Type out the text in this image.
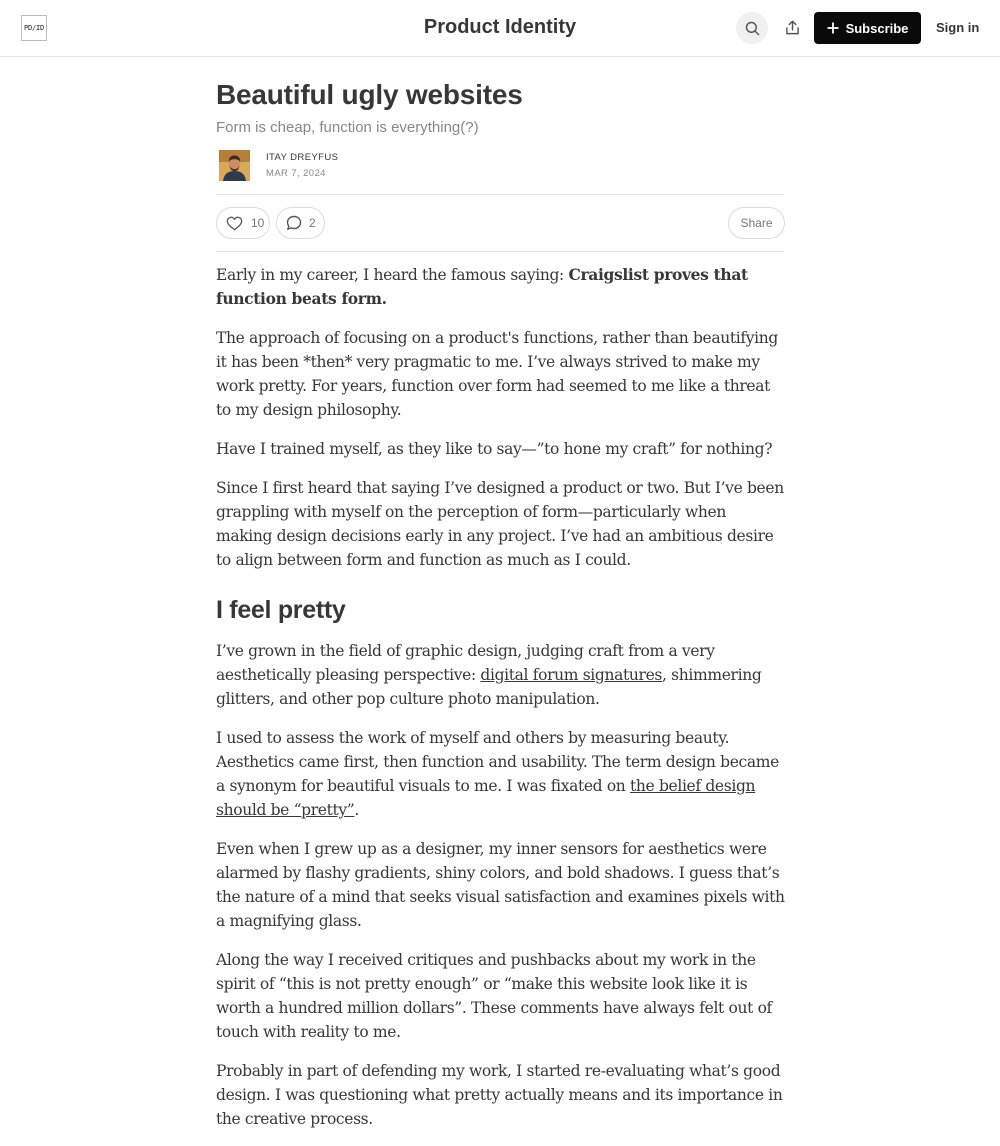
PD/ID	Product Identity	Subscribe Sign in
Beautiful ugly websites
Form is cheap, function is everything(?)
ITAY DREYFUS
MAR 7, 2024
10	2	Share

Early in my career, I heard the famous saying: Craigslist proves that function beats form.

The approach of focusing on a product's functions, rather than beautifying it has been *then* very pragmatic to me. I’ve always strived to make my work pretty. For years, function over form had seemed to me like a threat to my design philosophy.

Have I trained myself, as they like to say—”to hone my craft” for nothing?

Since I first heard that saying I’ve designed a product or two. But I’ve been grappling with myself on the perception of form—particularly when making design decisions early in any project. I’ve had an ambitious desire to align between form and function as much as I could.

I feel pretty

I’ve grown in the field of graphic design, judging craft from a very aesthetically pleasing perspective: digital forum signatures, shimmering glitters, and other pop culture photo manipulation.

I used to assess the work of myself and others by measuring beauty. Aesthetics came first, then function and usability. The term design became a synonym for beautiful visuals to me. I was fixated on the belief design should be “pretty”.

Even when I grew up as a designer, my inner sensors for aesthetics were alarmed by flashy gradients, shiny colors, and bold shadows. I guess that’s the nature of a mind that seeks visual satisfaction and examines pixels with a magnifying glass.

Along the way I received critiques and pushbacks about my work in the spirit of “this is not pretty enough” or “make this website look like it is worth a hundred million dollars”. These comments have always felt out of touch with reality to me.

Probably in part of defending my work, I started re-evaluating what’s good design. I was questioning what pretty actually means and its importance in the creative process.
